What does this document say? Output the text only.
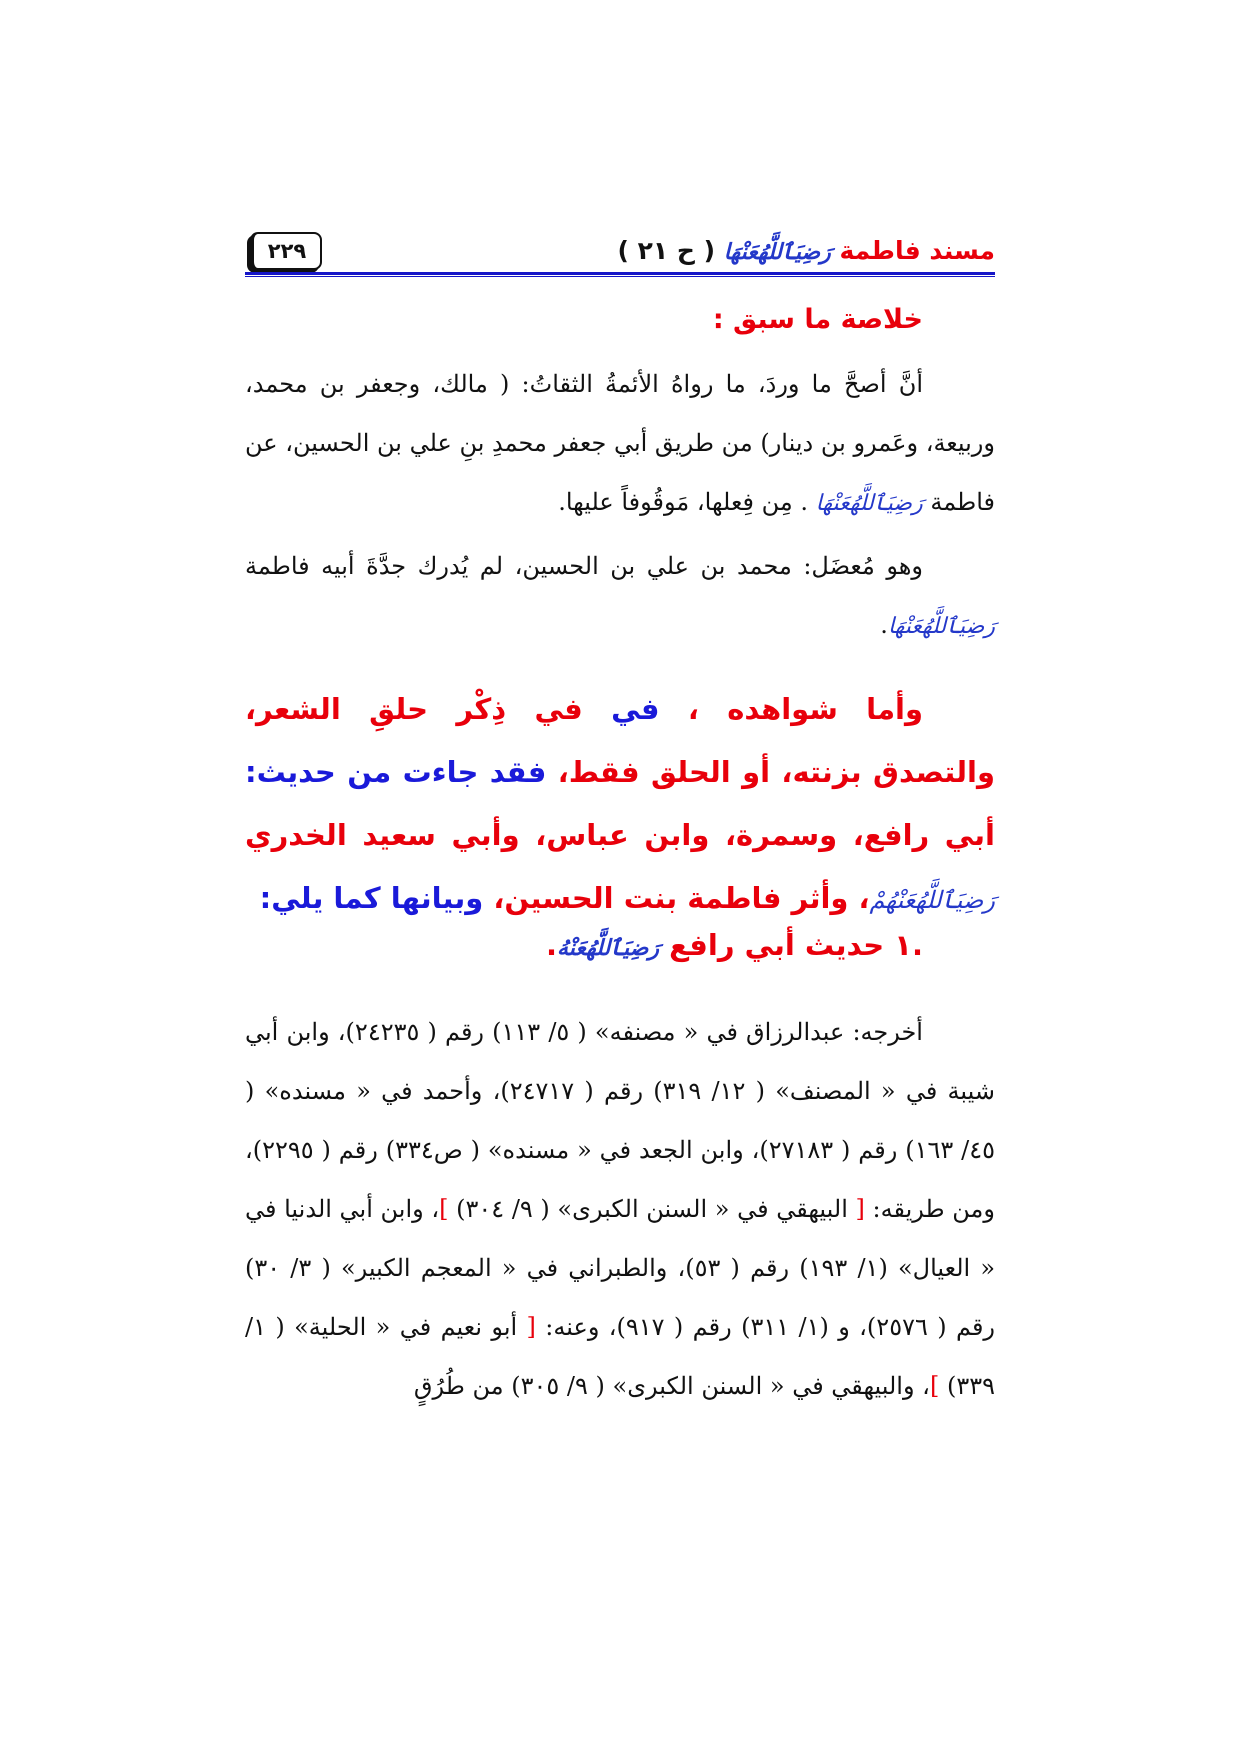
مسند فاطمة رَضِيَٱللَّهُعَنْهَا ( ح ٢١ )
٢٢٩
خلاصة ما سبق :
أنَّ أصحَّ ما وردَ، ما رواهُ الأئمةُ الثقاتُ: ( مالك، وجعفر بن محمد، وربيعة، وعَمرو بن دينار) من طريق أبي جعفر محمدِ بنِ علي بن الحسين، عن فاطمة رَضِيَٱللَّهُعَنْهَا . مِن فِعلها، مَوقُوفاً عليها.
وهو مُعضَل: محمد بن علي بن الحسين، لم يُدرك جدَّةَ أبيه فاطمة رَضِيَٱللَّهُعَنْهَا.
وأما شواهده ، في في ذِكْر حلقِ الشعر، والتصدق بزنته، أو الحلق فقط، فقد جاءت من حديث: أبي رافع، وسمرة، وابن عباس، وأبي سعيد الخدري رَضِيَٱللَّهُعَنْهُمْ، وأثر فاطمة بنت الحسين، وبيانها كما يلي:
.١ حديث أبي رافع رَضِيَٱللَّهُعَنْهُ.
أخرجه: عبدالرزاق في « مصنفه» ( ٥/ ١١٣) رقم ( ٢٤٢٣٥)، وابن أبي شيبة في « المصنف» ( ١٢/ ٣١٩) رقم ( ٢٤٧١٧)، وأحمد في « مسنده» ( ٤٥/ ١٦٣) رقم ( ٢٧١٨٣)، وابن الجعد في « مسنده» ( ص٣٣٤) رقم ( ٢٢٩٥)، ومن طريقه: [ البيهقي في « السنن الكبرى» ( ٩/ ٣٠٤) ]، وابن أبي الدنيا في « العيال» (١/ ١٩٣) رقم ( ٥٣)، والطبراني في « المعجم الكبير» ( ٣/ ٣٠) رقم ( ٢٥٧٦)، و (١/ ٣١١) رقم ( ٩١٧)، وعنه: [ أبو نعيم في « الحلية» ( ١/ ٣٣٩) ]، والبيهقي في « السنن الكبرى» ( ٩/ ٣٠٥) من طُرُقٍ
